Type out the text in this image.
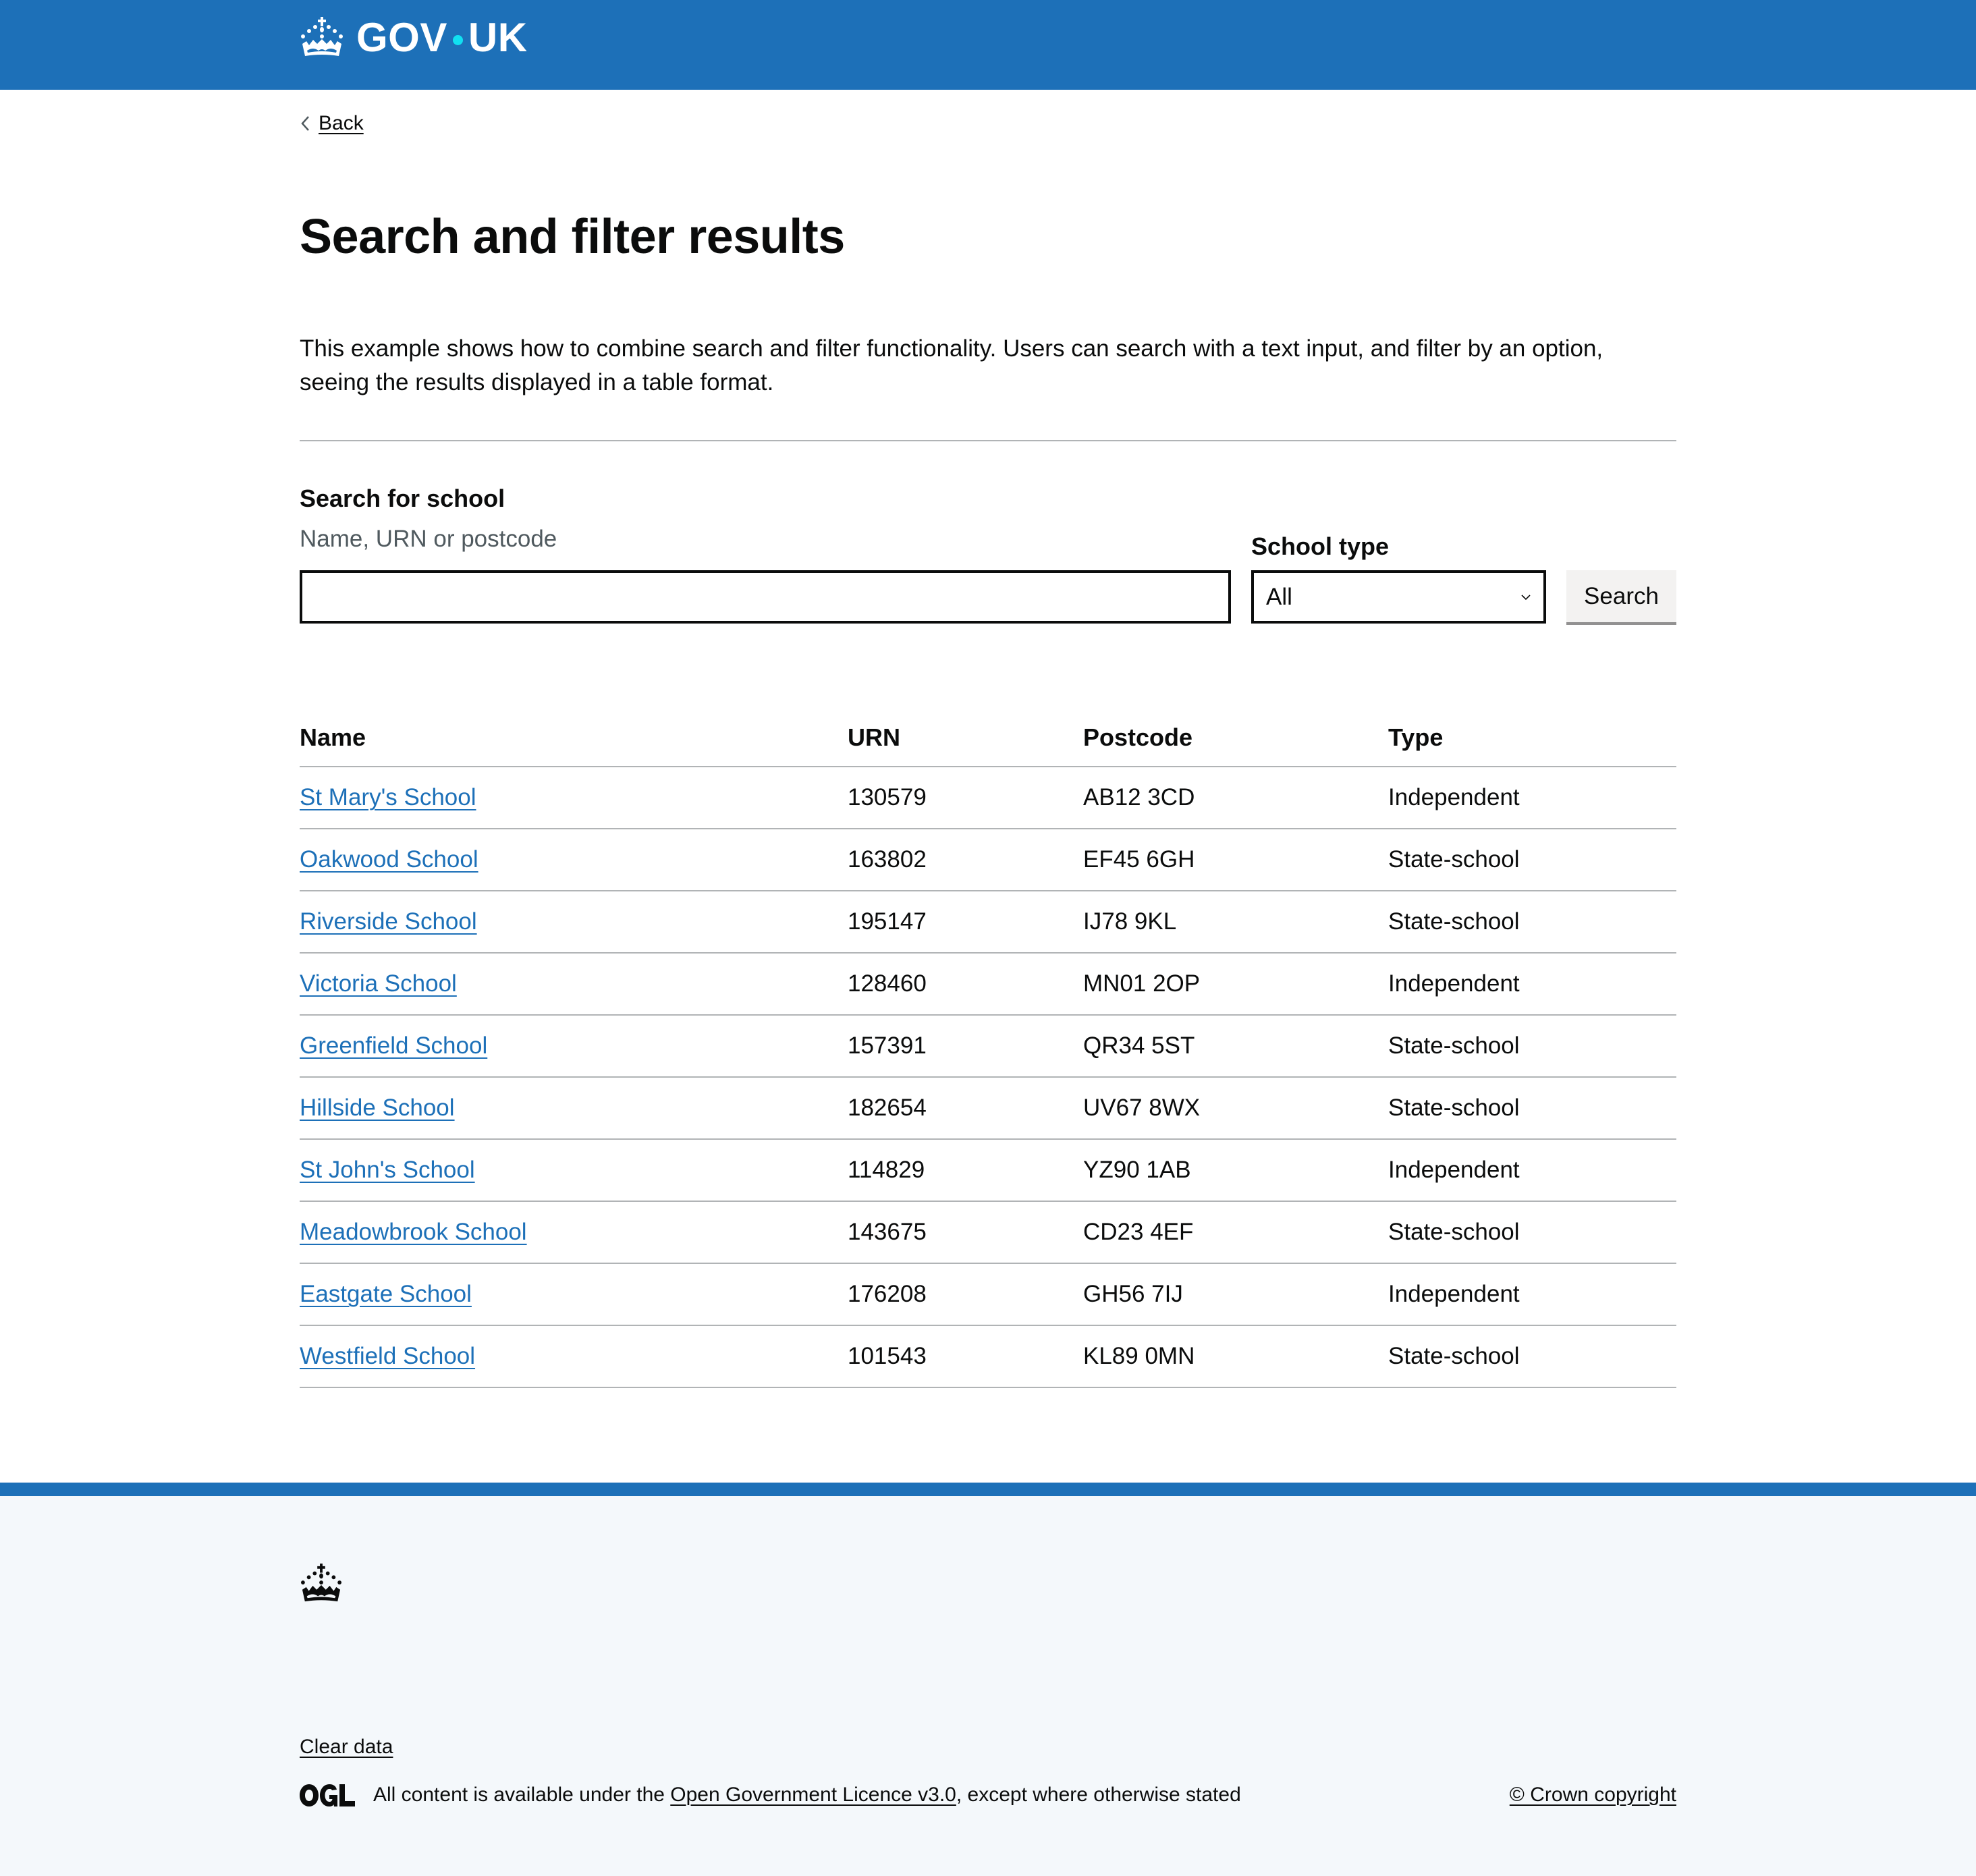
GOV UK
Back
Search and filter results

This example shows how to combine search and filter functionality. Users can search with a text input, and filter by an option, seeing the results displayed in a table format.

Search for school
Name, URN or postcode	School type
All	Search
Name	URN	Postcode	Type
St Mary's School	130579	AB12 3CD	Independent
Oakwood School	163802	EF45 6GH	State-school
Riverside School	195147	IJ78 9KL	State-school
Victoria School	128460	MN01 2OP	Independent
Greenfield School	157391	QR34 5ST	State-school
Hillside School	182654	UV67 8WX	State-school
St John's School	114829	YZ90 1AB	Independent
Meadowbrook School	143675	CD23 4EF	State-school
Eastgate School	176208	GH56 7IJ	Independent
Westfield School	101543	KL89 0MN	State-school
Clear data
All content is available under the Open Government Licence v3.0, except where otherwise stated	© Crown copyright
